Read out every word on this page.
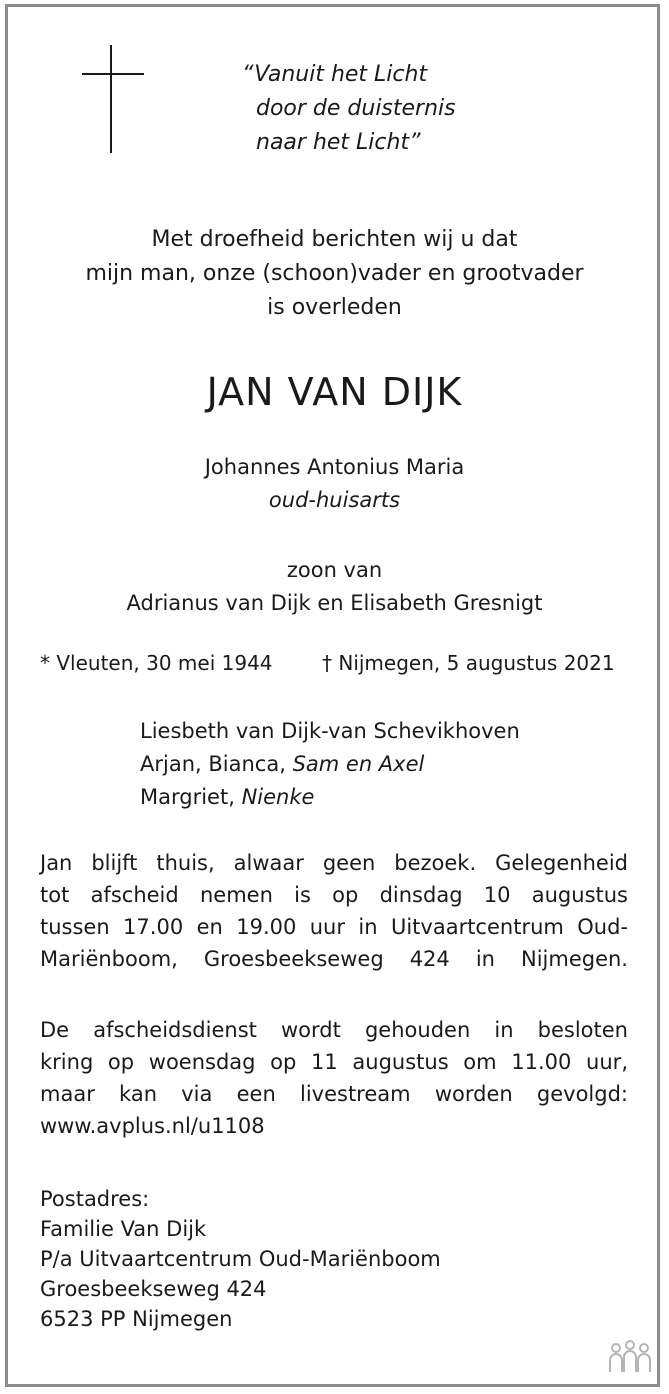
“Vanuit het Licht
door de duisternis
naar het Licht”
Met droefheid berichten wij u dat
mijn man, onze (schoon)vader en grootvader
is overleden
JAN VAN DIJK
Johannes Antonius Maria
oud-huisarts
zoon van
Adrianus van Dijk en Elisabeth Gresnigt
* Vleuten, 30 mei 1944 † Nijmegen, 5 augustus 2021
Liesbeth van Dijk-van Schevikhoven
Arjan, Bianca, Sam en Axel
Margriet, Nienke
Jan blijft thuis, alwaar geen bezoek. Gelegenheid
tot afscheid nemen is op dinsdag 10 augustus
tussen 17.00 en 19.00 uur in Uitvaartcentrum Oud-
Mariënboom, Groesbeekseweg 424 in Nijmegen.
De afscheidsdienst wordt gehouden in besloten
kring op woensdag op 11 augustus om 11.00 uur,
maar kan via een livestream worden gevolgd:
www.avplus.nl/u1108
Postadres:
Familie Van Dijk
P/a Uitvaartcentrum Oud-Mariënboom
Groesbeekseweg 424
6523 PP Nijmegen
